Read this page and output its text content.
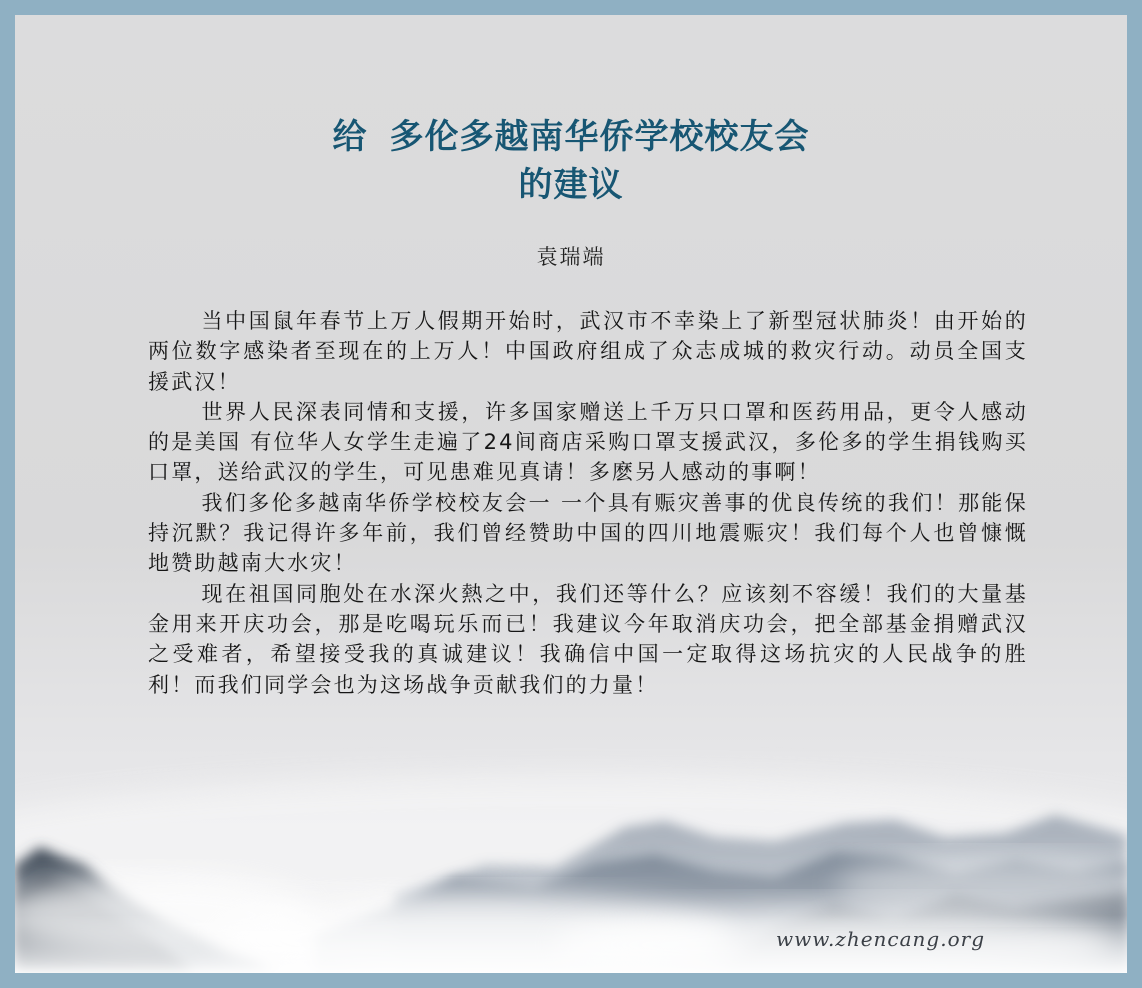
给 多伦多越南华侨学校校友会
的建议
袁瑞端

当中国鼠年春节上万人假期开始时，武汉市不幸染上了新型冠状肺炎！由开始的两位数字感染者至现在的上万人！中国政府组成了众志成城的救灾行动。动员全国支援武汉！

世界人民深表同情和支援，许多国家赠送上千万只口罩和医药用品，更令人感动的是美国 有位华人女学生走遍了24间商店采购口罩支援武汉，多伦多的学生捐钱购买口罩，送给武汉的学生，可见患难见真请！多麽另人感动的事啊！

我们多伦多越南华侨学校校友会一 一个具有赈灾善事的优良传统的我们！那能保持沉默？我记得许多年前，我们曾经赞助中国的四川地震赈灾！我们每个人也曾慷慨地赞助越南大水灾！

现在祖国同胞处在水深火熱之中，我们还等什么？应该刻不容缓！我们的大量基金用来开庆功会，那是吃喝玩乐而已！我建议今年取消庆功会，把全部基金捐赠武汉之受难者，希望接受我的真诚建议！我确信中国一定取得这场抗灾的人民战争的胜利！而我们同学会也为这场战争贡献我们的力量！

www.zhencang.org
